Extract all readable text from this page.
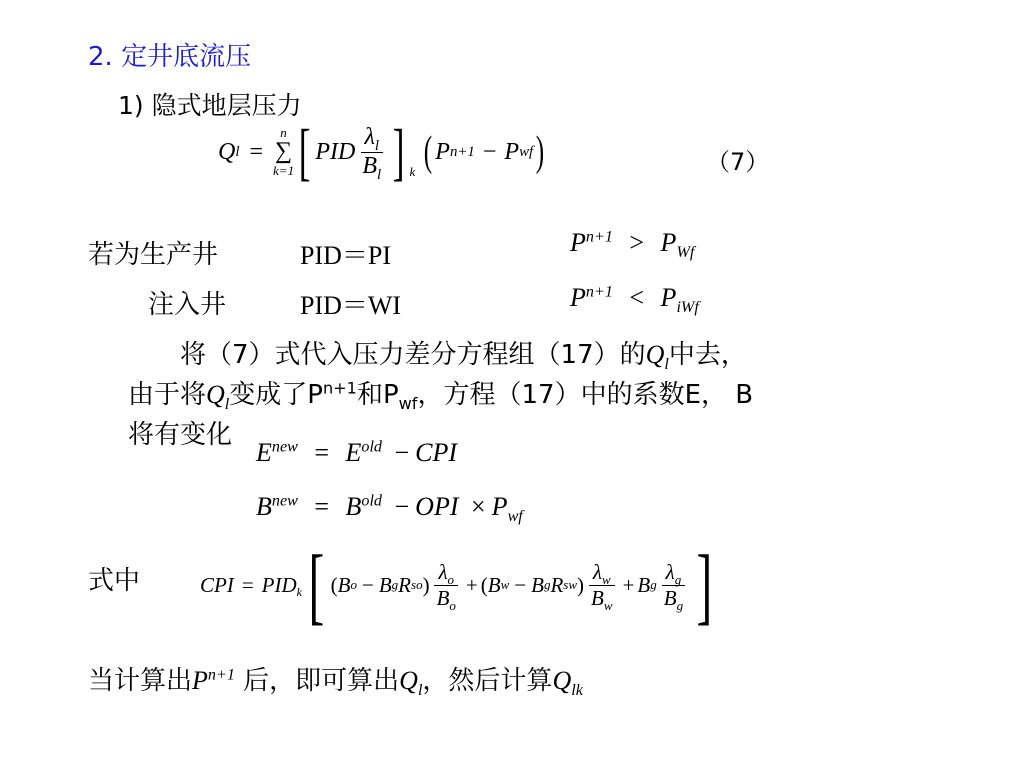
2. 定井底流压
1) 隐式地层压力
Q l =
n
∑
k=1 [ PID $\frac{\lambda_l}{B_l}$ ] k ( P n+1 − P wf )	（7）
若为生产井	PID＝PI	$P^{n+1} > P_{Wf}$
注入井	PID＝WI	$P^{n+1} < P_{iWf}$
将（7）式代入压力差分方程组（17）的$Q_l$中去，
由于将$Q_l$变成了$P^{n+1}$和$P_{wf}$，方程（17）中的系数E， B
将有变化
$E^{new} = E^{old}$ − CPI
$B^{new} = B^{old}$ − OPI × $P_{wf}$
式中	CPI = PID k [ ( B o − B g R so ) $\frac{\lambda_o}{B_o}$ + ( B w − B g R sw ) $\frac{\lambda_w}{B_w} + B$ g $\frac{\lambda_g}{B_g}$ ]
当计算出$P^{n+1}$ 后，即可算出$Q_l$，然后计算$Q_{lk}$
